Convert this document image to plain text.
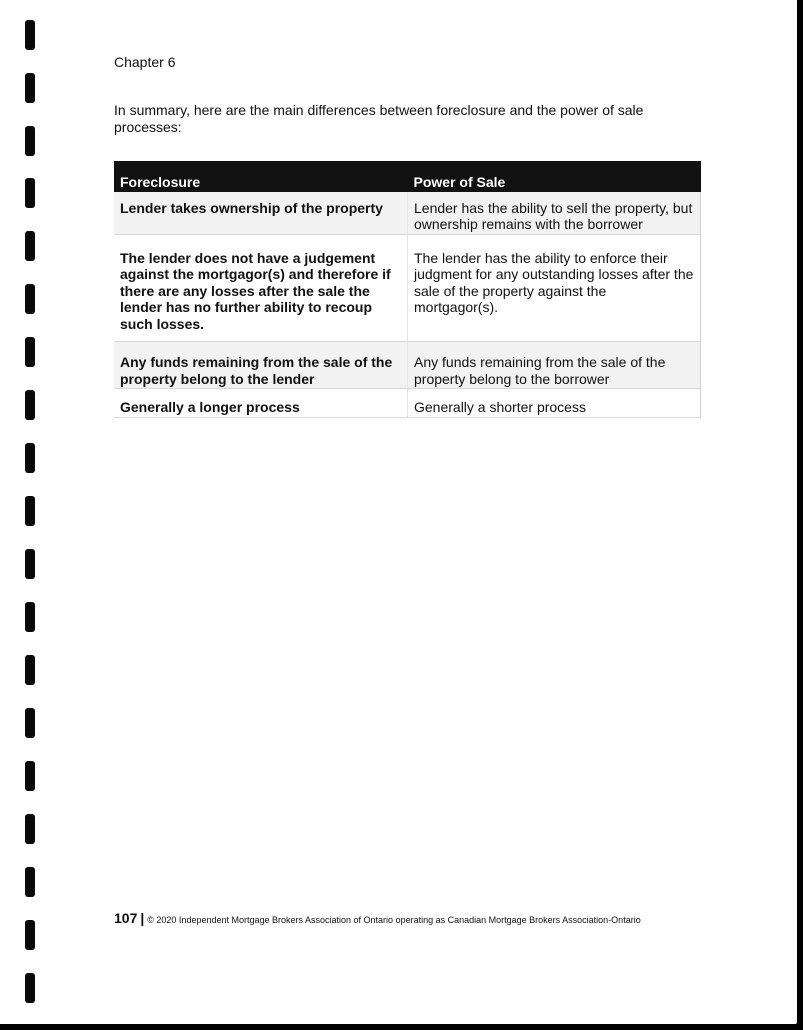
Chapter 6
In summary, here are the main differences between foreclosure and the power of sale processes:
Foreclosure	Power of Sale
Lender takes ownership of the property	Lender has the ability to sell the property, but ownership remains with the borrower
The lender does not have a judgement against the mortgagor(s) and therefore if there are any losses after the sale the lender has no further ability to recoup such losses.	The lender has the ability to enforce their judgment for any outstanding losses after the sale of the property against the mortgagor(s).
Any funds remaining from the sale of the property belong to the lender	Any funds remaining from the sale of the property belong to the borrower
Generally a longer process	Generally a shorter process
107 | © 2020 Independent Mortgage Brokers Association of Ontario operating as Canadian Mortgage Brokers Association-Ontario
